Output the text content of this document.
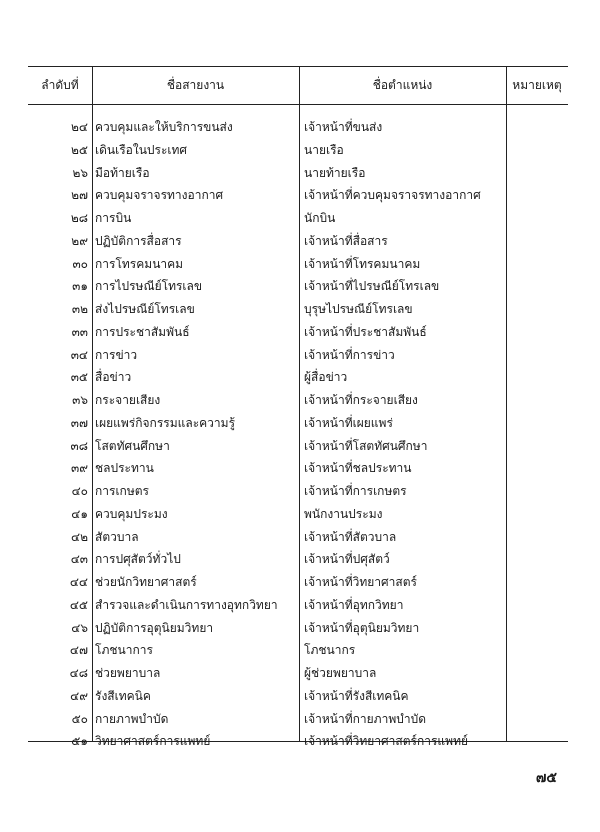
ลำดับที่	ชื่อสายงาน	ชื่อตำแหน่ง	หมายเหตุ
๒๔ ควบคุมและให้บริการขนส่ง	เจ้าหน้าที่ขนส่ง
๒๕ เดินเรือในประเทศ	นายเรือ
๒๖ มือท้ายเรือ	นายท้ายเรือ
๒๗ ควบคุมจราจรทางอากาศ	เจ้าหน้าที่ควบคุมจราจรทางอากาศ
๒๘ การบิน	นักบิน
๒๙ ปฏิบัติการสื่อสาร	เจ้าหน้าที่สื่อสาร
๓๐ การโทรคมนาคม	เจ้าหน้าที่โทรคมนาคม
๓๑ การไปรษณีย์โทรเลข	เจ้าหน้าที่ไปรษณีย์โทรเลข
๓๒ ส่งไปรษณีย์โทรเลข	บุรุษไปรษณีย์โทรเลข
๓๓ การประชาสัมพันธ์	เจ้าหน้าที่ประชาสัมพันธ์
๓๔ การข่าว	เจ้าหน้าที่การข่าว
๓๕ สื่อข่าว	ผู้สื่อข่าว
๓๖ กระจายเสียง	เจ้าหน้าที่กระจายเสียง
๓๗ เผยแพร่กิจกรรมและความรู้	เจ้าหน้าที่เผยแพร่
๓๘ โสตทัศนศึกษา	เจ้าหน้าที่โสตทัศนศึกษา
๓๙ ชลประทาน	เจ้าหน้าที่ชลประทาน
๔๐ การเกษตร	เจ้าหน้าที่การเกษตร
๔๑ ควบคุมประมง	พนักงานประมง
๔๒ สัตวบาล	เจ้าหน้าที่สัตวบาล
๔๓ การปศุสัตว์ทั่วไป	เจ้าหน้าที่ปศุสัตว์
๔๔ ช่วยนักวิทยาศาสตร์	เจ้าหน้าที่วิทยาศาสตร์
๔๕ สำรวจและดำเนินการทางอุทกวิทยา	เจ้าหน้าที่อุทกวิทยา
๔๖ ปฏิบัติการอุตุนิยมวิทยา	เจ้าหน้าที่อุตุนิยมวิทยา
๔๗ โภชนาการ	โภชนากร
๔๘ ช่วยพยาบาล	ผู้ช่วยพยาบาล
๔๙ รังสีเทคนิค	เจ้าหน้าที่รังสีเทคนิค
๕๐ กายภาพบำบัด	เจ้าหน้าที่กายภาพบำบัด
๕๑ วิทยาศาสตร์การแพทย์	เจ้าหน้าที่วิทยาศาสตร์การแพทย์
๗๕
